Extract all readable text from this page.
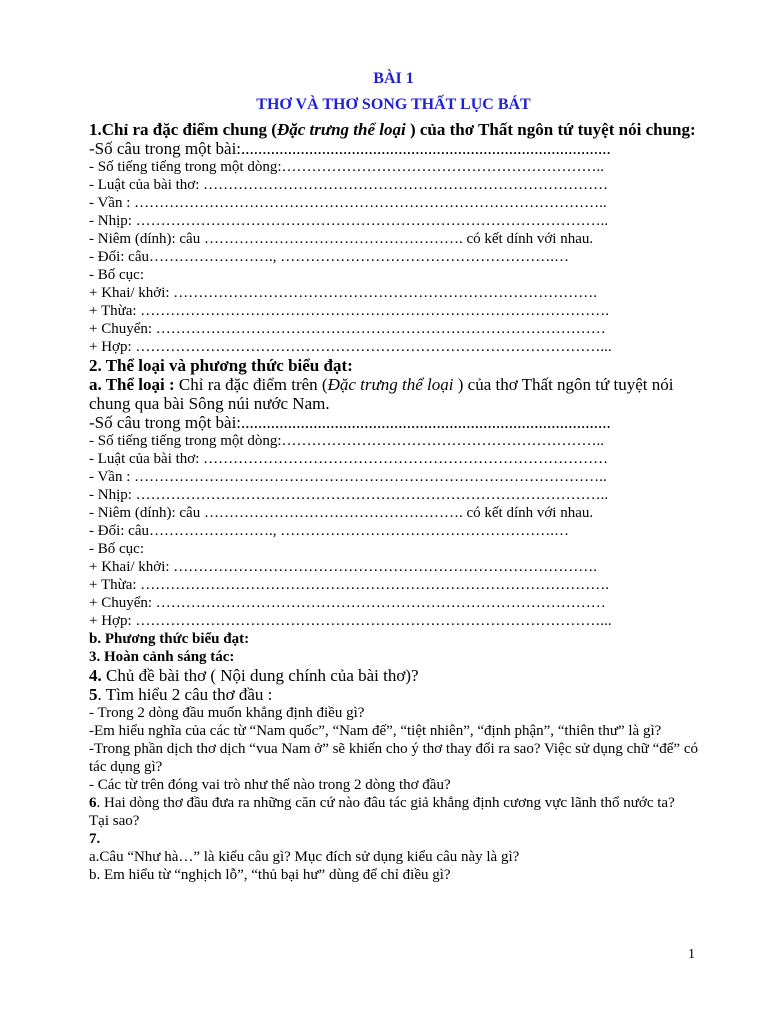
BÀI 1
THƠ VÀ THƠ SONG THẤT LỤC BÁT
1.Chỉ ra đặc điểm chung (Đặc trưng thể loại ) của thơ Thất ngôn tứ tuyệt nói chung:
-Số câu trong một bài:.......................................................................................
- Số tiếng tiếng trong một dòng:………………………………………………………..
- Luật của bài thơ: ………………………………………………………………………
- Vần : …………………………………………………………………………………..
- Nhịp: …………………………………………………………………………………..
- Niêm (dính): câu ……………………………………………. có kết dính với nhau.
- Đối: câu……………………., ……………………………………………….…
- Bố cục:
+ Khai/ khởi: ………………………………………………………………………….
+ Thừa: ………………………………………………………………………………….
+ Chuyển: ………………………………………………………………………………
+ Hợp: …………………………………………………………………………………...
2. Thể loại và phương thức biểu đạt:
a. Thể loại : Chỉ ra đặc điểm trên (Đặc trưng thể loại ) của thơ Thất ngôn tứ tuyệt nói chung qua bài Sông núi nước Nam.
-Số câu trong một bài:.......................................................................................
- Số tiếng tiếng trong một dòng:………………………………………………………..
- Luật của bài thơ: ………………………………………………………………………
- Vần : …………………………………………………………………………………..
- Nhịp: …………………………………………………………………………………..
- Niêm (dính): câu ……………………………………………. có kết dính với nhau.
- Đối: câu……………………., ……………………………………………….…
- Bố cục:
+ Khai/ khởi: ………………………………………………………………………….
+ Thừa: ………………………………………………………………………………….
+ Chuyển: ………………………………………………………………………………
+ Hợp: …………………………………………………………………………………...
b. Phương thức biểu đạt:
3. Hoàn cảnh sáng tác:
4. Chủ đề bài thơ ( Nội dung chính của bài thơ)?
5. Tìm hiểu 2 câu thơ đầu :
- Trong 2 dòng đầu muốn khẳng định điều gì?
-Em hiểu nghĩa của các từ “Nam quốc”, “Nam đế”, “tiệt nhiên”, “định phận”, “thiên thư” là gì?
-Trong phần dịch thơ dịch “vua Nam ở” sẽ khiến cho ý thơ thay đổi ra sao? Việc sử dụng chữ “để” có tác dụng gì?
- Các từ trên đóng vai trò như thế nào trong 2 dòng thơ đầu?
6. Hai dòng thơ đầu đưa ra những căn cứ nào đâu tác giả khẳng định cương vực lãnh thổ nước ta? Tại sao?
7.
a.Câu “Như hà…” là kiểu câu gì? Mục đích sử dụng kiểu câu này là gì?
b. Em hiểu từ “nghịch lỗ”, “thủ bại hư” dùng để chỉ điều gì?
1
